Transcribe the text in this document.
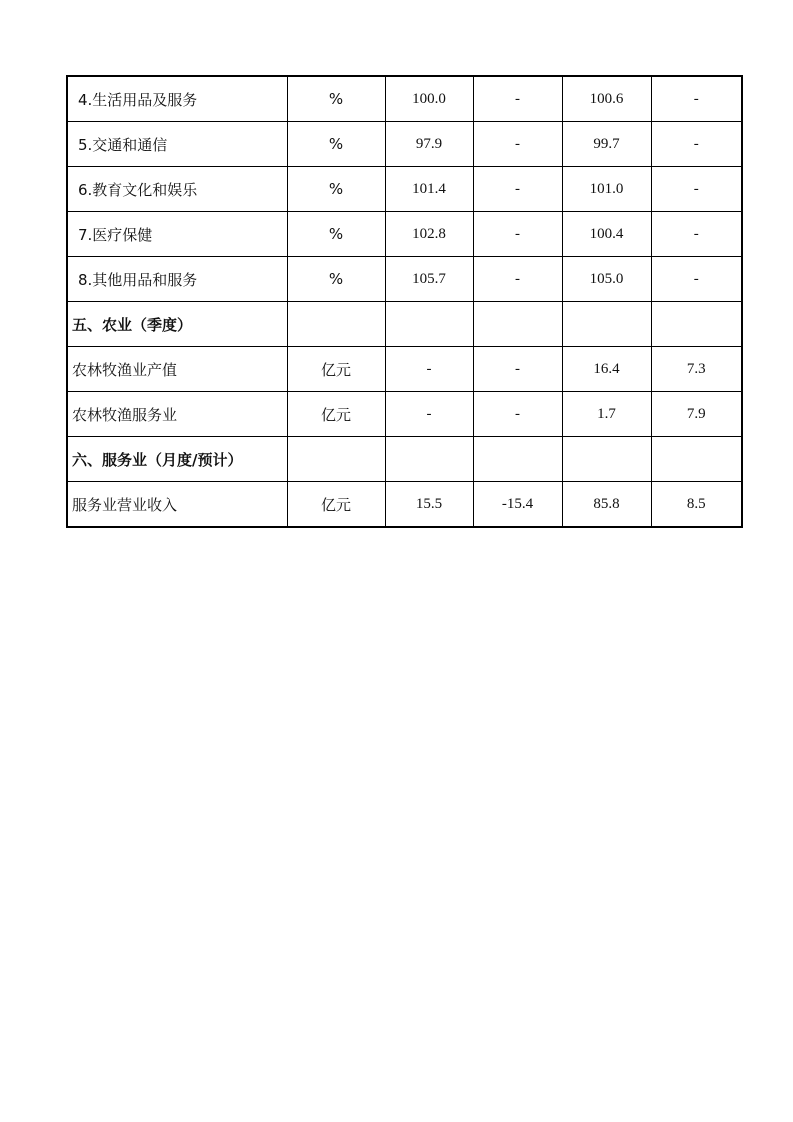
4.生活用品及服务	%	100.0	-	100.6	-
5.交通和通信	%	97.9	-	99.7	-
6.教育文化和娱乐	%	101.4	-	101.0	-
7.医疗保健	%	102.8	-	100.4	-
8.其他用品和服务	%	105.7	-	105.0	-
五、农业（季度）					
农林牧渔业产值	亿元	-	-	16.4	7.3
农林牧渔服务业	亿元	-	-	1.7	7.9
六、服务业（月度/预计）					
服务业营业收入	亿元	15.5	-15.4	85.8	8.5
